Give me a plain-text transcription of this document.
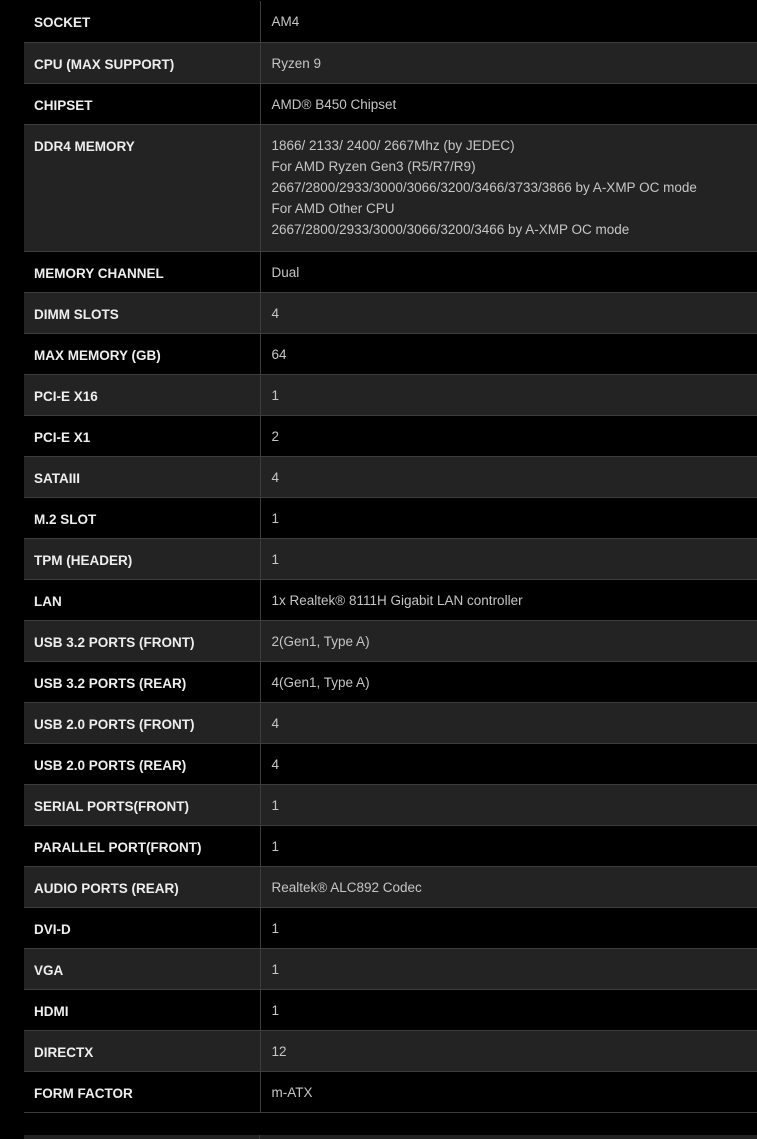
SOCKET	AM4

CPU (MAX SUPPORT)	Ryzen 9

CHIPSET	AMD® B450 Chipset

DDR4 MEMORY	1866/ 2133/ 2400/ 2667Mhz (by JEDEC)
For AMD Ryzen Gen3 (R5/R7/R9)
2667/2800/2933/3000/3066/3200/3466/3733/3866 by A-XMP OC mode
For AMD Other CPU
2667/2800/2933/3000/3066/3200/3466 by A-XMP OC mode

MEMORY CHANNEL	Dual

DIMM SLOTS	4

MAX MEMORY (GB)	64

PCI-E X16	1

PCI-E X1	2

SATAIII	4

M.2 SLOT	1

TPM (HEADER)	1

LAN	1x Realtek® 8111H Gigabit LAN controller

USB 3.2 PORTS (FRONT)	2(Gen1, Type A)

USB 3.2 PORTS (REAR)	4(Gen1, Type A)

USB 2.0 PORTS (FRONT)	4

USB 2.0 PORTS (REAR)	4

SERIAL PORTS(FRONT)	1

PARALLEL PORT(FRONT)	1

AUDIO PORTS (REAR)	Realtek® ALC892 Codec

DVI-D	1

VGA	1

HDMI	1

DIRECTX	12

FORM FACTOR	m-ATX
